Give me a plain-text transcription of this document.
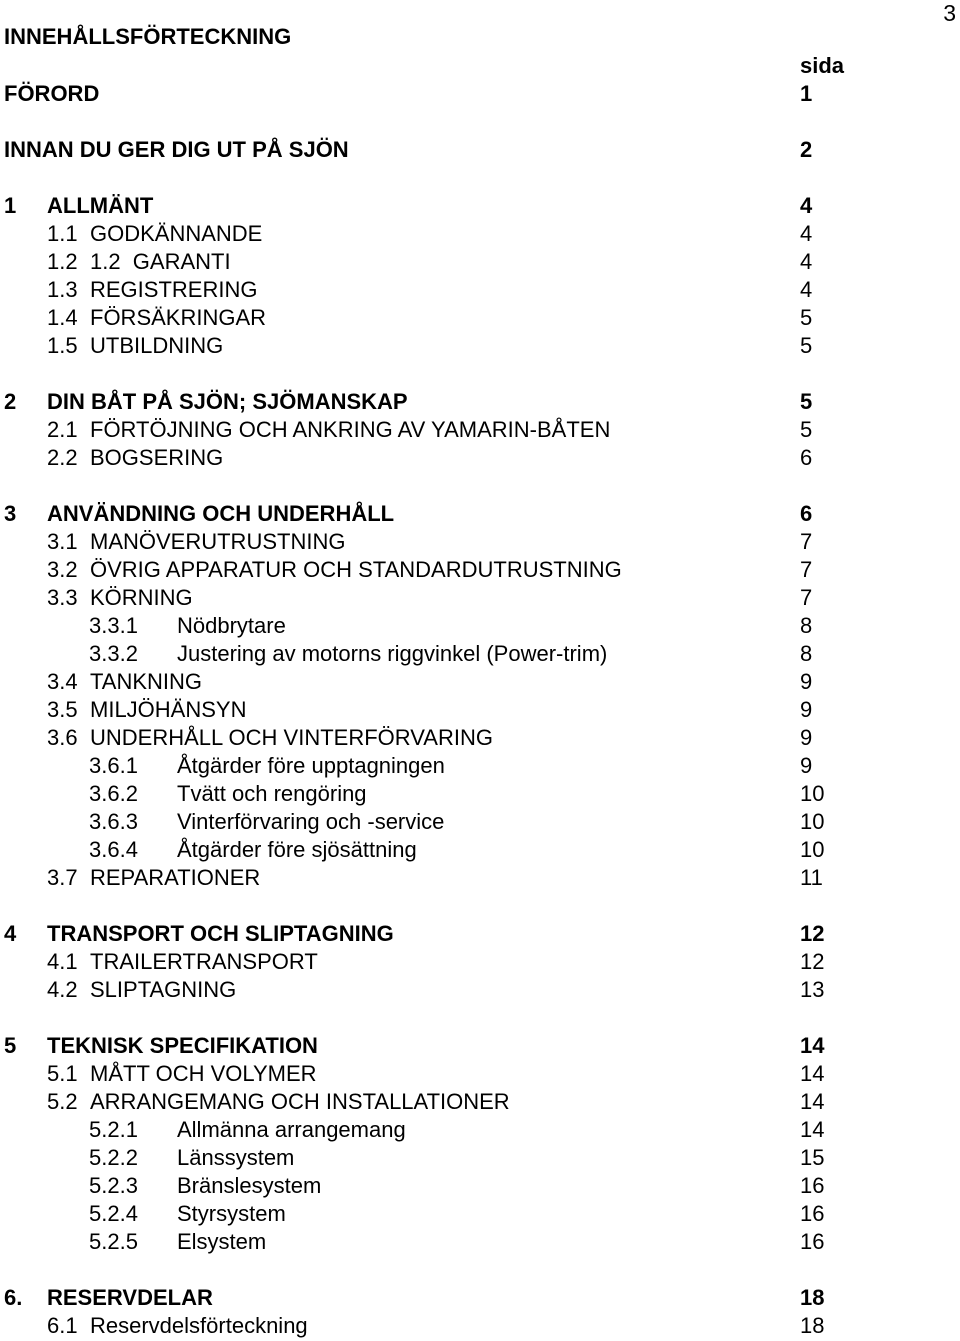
3
INNEHÅLLSFÖRTECKNING
sida
FÖRORD	1
INNAN DU GER DIG UT PÅ SJÖN	2
1 ALLMÄNT	4
1.1 GODKÄNNANDE	4
1.2 1.2  GARANTI	4
1.3 REGISTRERING	4
1.4 FÖRSÄKRINGAR	5
1.5 UTBILDNING	5
2 DIN BÅT PÅ SJÖN; SJÖMANSKAP	5
2.1 FÖRTÖJNING OCH ANKRING AV YAMARIN-BÅTEN	5
2.2 BOGSERING	6
3 ANVÄNDNING OCH UNDERHÅLL	6
3.1 MANÖVERUTRUSTNING	7
3.2 ÖVRIG APPARATUR OCH STANDARDUTRUSTNING	7
3.3 KÖRNING	7
3.3.1 Nödbrytare	8
3.3.2 Justering av motorns riggvinkel (Power-trim)	8
3.4 TANKNING	9
3.5 MILJÖHÄNSYN	9
3.6 UNDERHÅLL OCH VINTERFÖRVARING	9
3.6.1 Åtgärder före upptagningen	9
3.6.2 Tvätt och rengöring	10
3.6.3 Vinterförvaring och -service	10
3.6.4 Åtgärder före sjösättning	10
3.7 REPARATIONER	11
4 TRANSPORT OCH SLIPTAGNING	12
4.1 TRAILERTRANSPORT	12
4.2 SLIPTAGNING	13
5 TEKNISK SPECIFIKATION	14
5.1 MÅTT OCH VOLYMER	14
5.2 ARRANGEMANG OCH INSTALLATIONER	14
5.2.1 Allmänna arrangemang	14
5.2.2 Länssystem	15
5.2.3 Bränslesystem	16
5.2.4 Styrsystem	16
5.2.5 Elsystem	16
6. RESERVDELAR	18
6.1 Reservdelsförteckning	18
